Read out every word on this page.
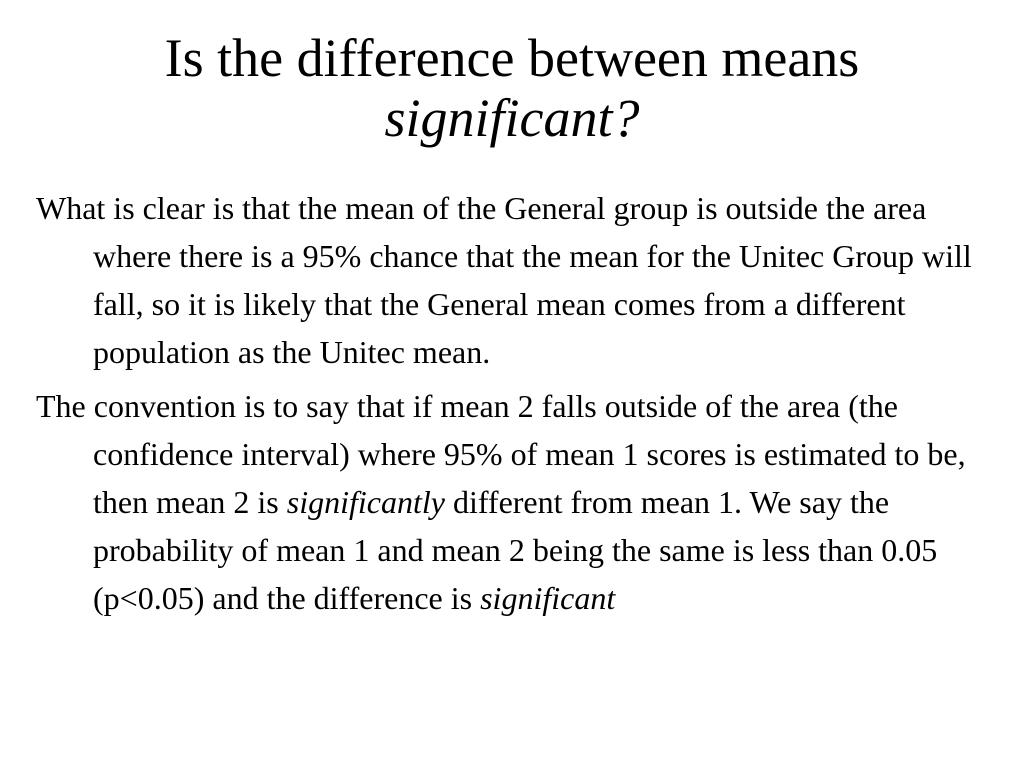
Is the difference between means
significant?

What is clear is that the mean of the General group is outside the area where there is a 95% chance that the mean for the Unitec Group will fall, so it is likely that the General mean comes from a different population as the Unitec mean.

The convention is to say that if mean 2 falls outside of the area (the confidence interval) where 95% of mean 1 scores is estimated to be, then mean 2 is significantly different from mean 1. We say the probability of mean 1 and mean 2 being the same is less than 0.05 (p<0.05) and the difference is significant
